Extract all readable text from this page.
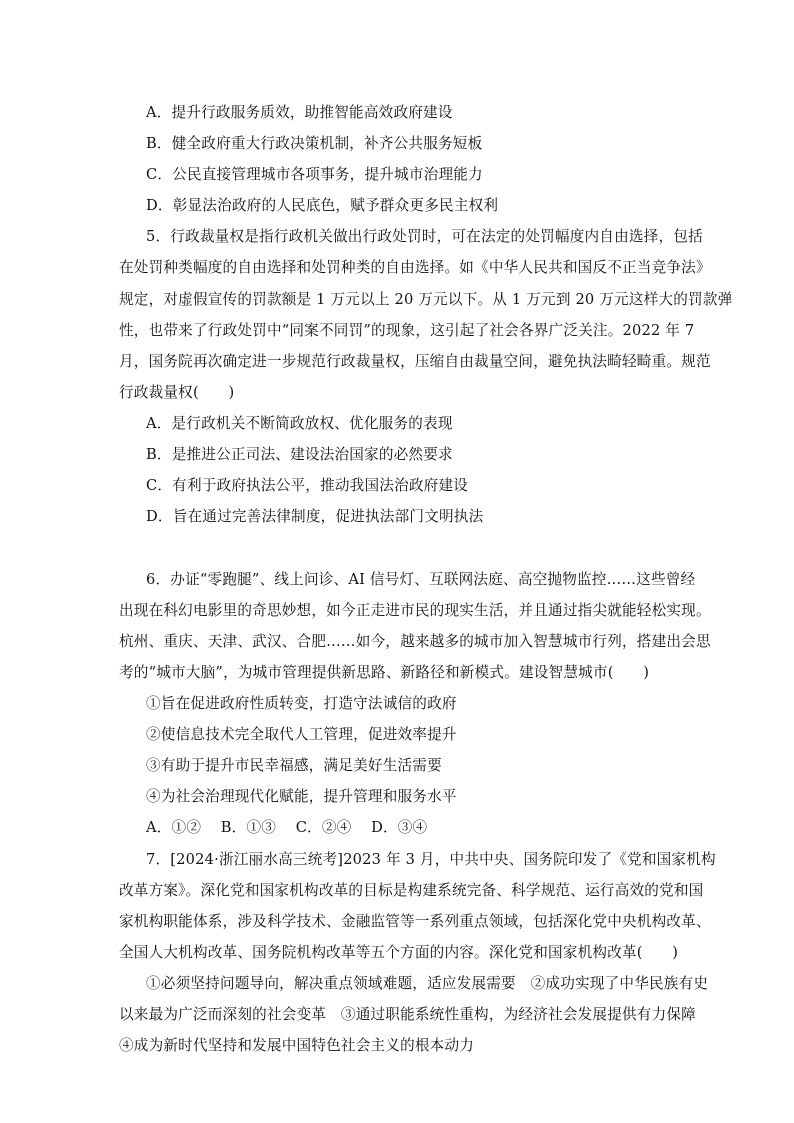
A．提升行政服务质效，助推智能高效政府建设
B．健全政府重大行政决策机制，补齐公共服务短板
C．公民直接管理城市各项事务，提升城市治理能力
D．彰显法治政府的人民底色，赋予群众更多民主权利
5．行政裁量权是指行政机关做出行政处罚时，可在法定的处罚幅度内自由选择，包括
在处罚种类幅度的自由选择和处罚种类的自由选择。如《中华人民共和国反不正当竞争法》
规定，对虚假宣传的罚款额是 1 万元以上 20 万元以下。从 1 万元到 20 万元这样大的罚款弹
性，也带来了行政处罚中“同案不同罚”的现象，这引起了社会各界广泛关注。2022 年 7
月，国务院再次确定进一步规范行政裁量权，压缩自由裁量空间，避免执法畸轻畸重。规范
行政裁量权(　　)
A．是行政机关不断简政放权、优化服务的表现
B．是推进公正司法、建设法治国家的必然要求
C．有利于政府执法公平，推动我国法治政府建设
D．旨在通过完善法律制度，促进执法部门文明执法
6．办证“零跑腿”、线上问诊、AI 信号灯、互联网法庭、高空抛物监控……这些曾经
出现在科幻电影里的奇思妙想，如今正走进市民的现实生活，并且通过指尖就能轻松实现。
杭州、重庆、天津、武汉、合肥……如今，越来越多的城市加入智慧城市行列，搭建出会思
考的“城市大脑”，为城市管理提供新思路、新路径和新模式。建设智慧城市(　　)
①旨在促进政府性质转变，打造守法诚信的政府
②使信息技术完全取代人工管理，促进效率提升
③有助于提升市民幸福感，满足美好生活需要
④为社会治理现代化赋能，提升管理和服务水平
A．①②　 B．①③　 C．②④　 D．③④
7．[2024·浙江丽水高三统考]2023 年 3 月，中共中央、国务院印发了《党和国家机构
改革方案》。深化党和国家机构改革的目标是构建系统完备、科学规范、运行高效的党和国
家机构职能体系，涉及科学技术、金融监管等一系列重点领域，包括深化党中央机构改革、
全国人大机构改革、国务院机构改革等五个方面的内容。深化党和国家机构改革(　　)
①必须坚持问题导向，解决重点领域难题，适应发展需要　②成功实现了中华民族有史
以来最为广泛而深刻的社会变革　③通过职能系统性重构，为经济社会发展提供有力保障
④成为新时代坚持和发展中国特色社会主义的根本动力
